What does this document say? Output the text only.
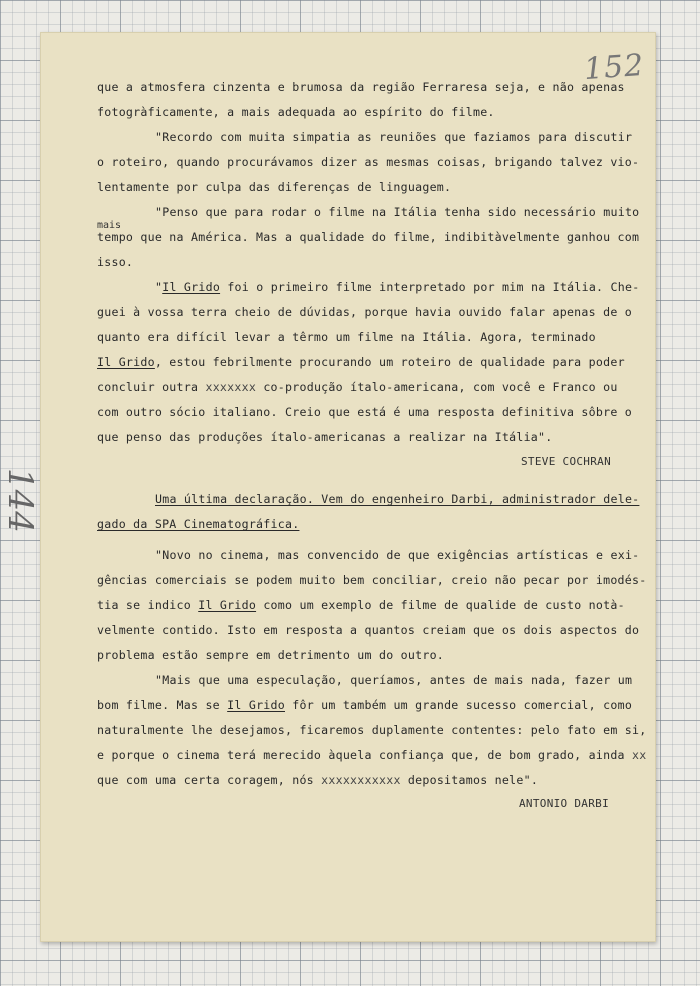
152
144
que a atmosfera cinzenta e brumosa da região Ferraresa seja, e não apenas
fotogràficamente, a mais adequada ao espírito do filme.
"Recordo com muita simpatia as reuniões que faziamos para discutir
o roteiro, quando procurávamos dizer as mesmas coisas, brigando talvez vio-
lentamente por culpa das diferenças de linguagem.
"Penso que para rodar o filme na Itália tenha sido necessário muito
mais
tempo que na América. Mas a qualidade do filme, indibitàvelmente ganhou com
isso.
"Il Grido foi o primeiro filme interpretado por mim na Itália. Che-
guei à vossa terra cheio de dúvidas, porque havia ouvido falar apenas de o
quanto era difícil levar a têrmo um filme na Itália. Agora, terminado
Il Grido, estou febrilmente procurando um roteiro de qualidade para poder
concluir outra xxxxxxx co-produção ítalo-americana, com você e Franco ou
com outro sócio italiano. Creio que está é uma resposta definitiva sôbre o
que penso das produções ítalo-americanas a realizar na Itália".
STEVE COCHRAN
Uma última declaração. Vem do engenheiro Darbi, administrador dele-
gado da SPA Cinematográfica.
"Novo no cinema, mas convencido de que exigências artísticas e exi-
gências comerciais se podem muito bem conciliar, creio não pecar por imodés-
tia se indico Il Grido como um exemplo de filme de qualide de custo notà-
velmente contido. Isto em resposta a quantos creiam que os dois aspectos do
problema estão sempre em detrimento um do outro.
"Mais que uma especulação, queríamos, antes de mais nada, fazer um
bom filme. Mas se Il Grido fôr um também um grande sucesso comercial, como
naturalmente lhe desejamos, ficaremos duplamente contentes: pelo fato em si,
e porque o cinema terá merecido àquela confiança que, de bom grado, ainda xx
que com uma certa coragem, nós xxxxxxxxxxx depositamos nele".
ANTONIO DARBI
